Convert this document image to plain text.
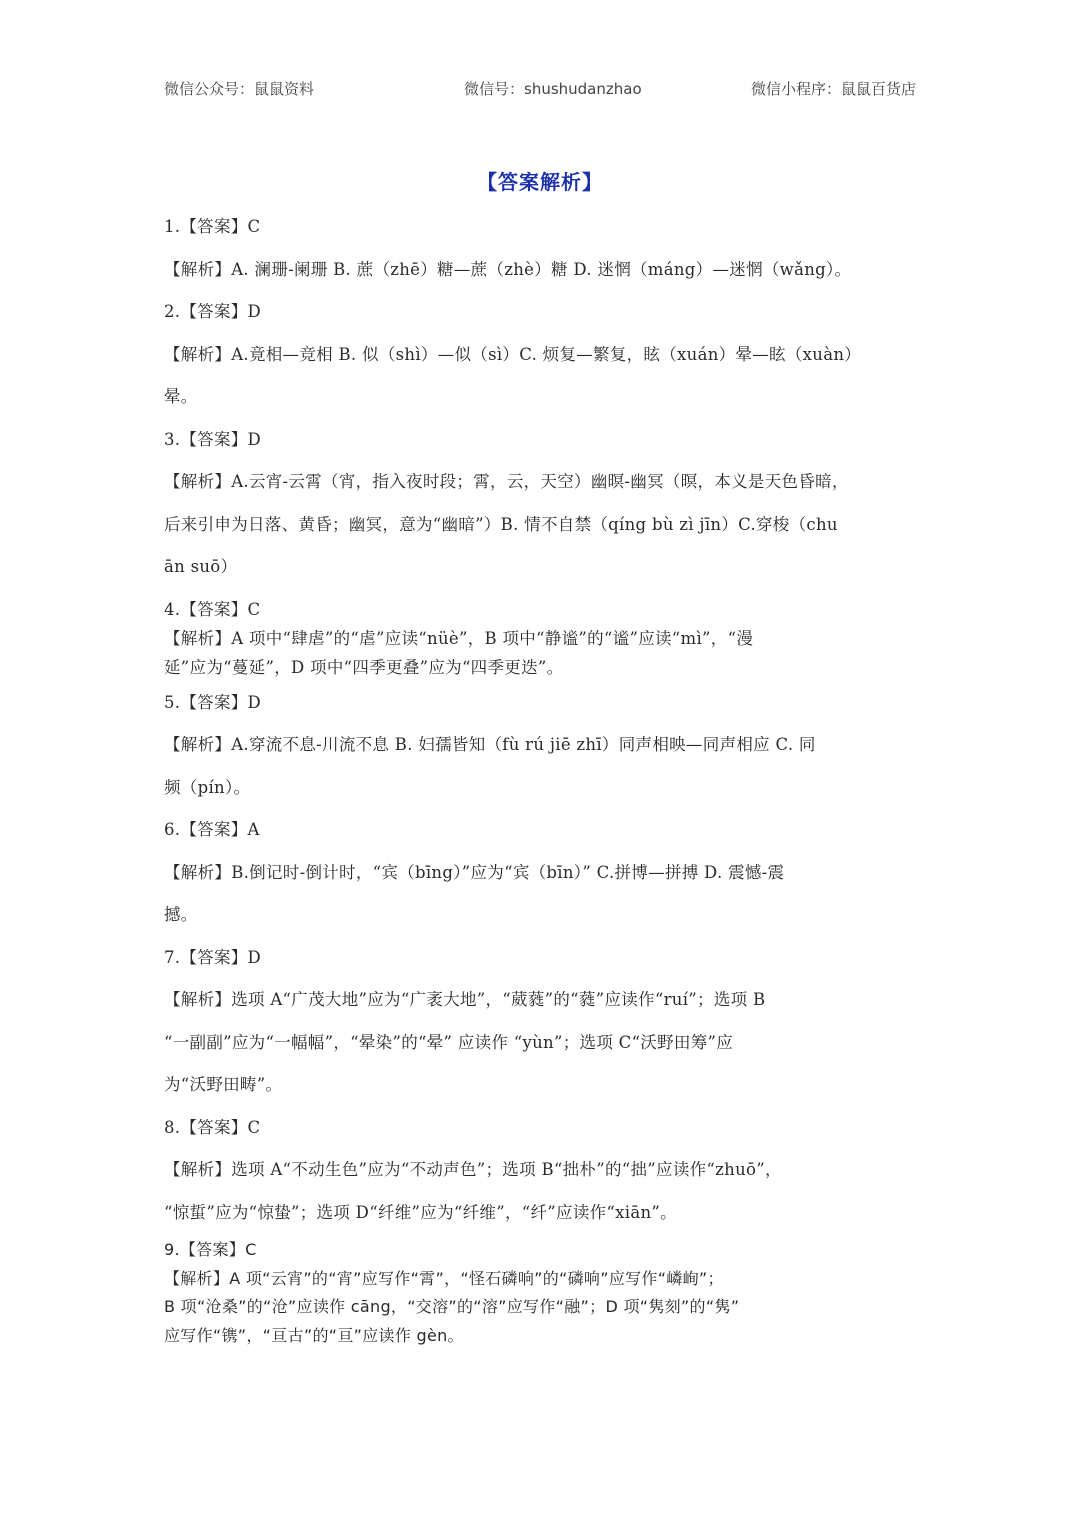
微信公众号：鼠鼠资料	微信号：shushudanzhao	微信小程序：鼠鼠百货店
【答案解析】
1.【答案】C
【解析】A. 澜珊-阑珊 B. 蔗（zhē）糖—蔗（zhè）糖 D. 迷惘（máng）—迷惘（wǎng）。
2.【答案】D
【解析】A.竟相—竞相 B. 似（shì）—似（sì）C. 烦复—繁复，眩（xuán）晕—眩（xuàn）
晕。
3.【答案】D
【解析】A.云宵-云霄（宵，指入夜时段；霄，云，天空）幽暝-幽冥（暝，本义是天色昏暗，
后来引申为日落、黄昏；幽冥，意为“幽暗”）B. 情不自禁（qíng bù zì jīn）C.穿梭（chu
ān suō）
4.【答案】C
【解析】A 项中“肆虐”的“虐”应读“nüè”，B 项中“静谧”的“谧”应读“mì”，“漫
延”应为“蔓延”，D 项中“四季更叠”应为“四季更迭”。
5.【答案】D
【解析】A.穿流不息-川流不息 B. 妇孺皆知（fù rú jiē zhī）同声相映—同声相应 C. 同
频（pín）。
6.【答案】A
【解析】B.倒记时-倒计时，“宾（bīng）”应为“宾（bīn）” C.拼博—拼搏 D. 震憾-震
撼。
7.【答案】D
【解析】选项 A“广茂大地”应为“广袤大地”，“葳蕤”的“蕤”应读作“ruí”；选项 B
“一副副”应为“一幅幅”，“晕染”的“晕” 应读作 “yùn”；选项 C“沃野田筹”应
为“沃野田畴”。
8.【答案】C
【解析】选项 A“不动生色”应为“不动声色”；选项 B“拙朴”的“拙”应读作“zhuō”，
“惊蜇”应为“惊蛰”；选项 D“纤维”应为“纤维”，“纤”应读作“xiān”。
9.【答案】C
【解析】A 项“云宵”的“宵”应写作“霄”，“怪石磷响”的“磷响”应写作“嶙峋”；
B 项“沧桑”的“沧”应读作 cāng，“交溶”的“溶”应写作“融”；D 项“隽刻”的“隽”
应写作“镌”，“亘古”的“亘”应读作 gèn。
